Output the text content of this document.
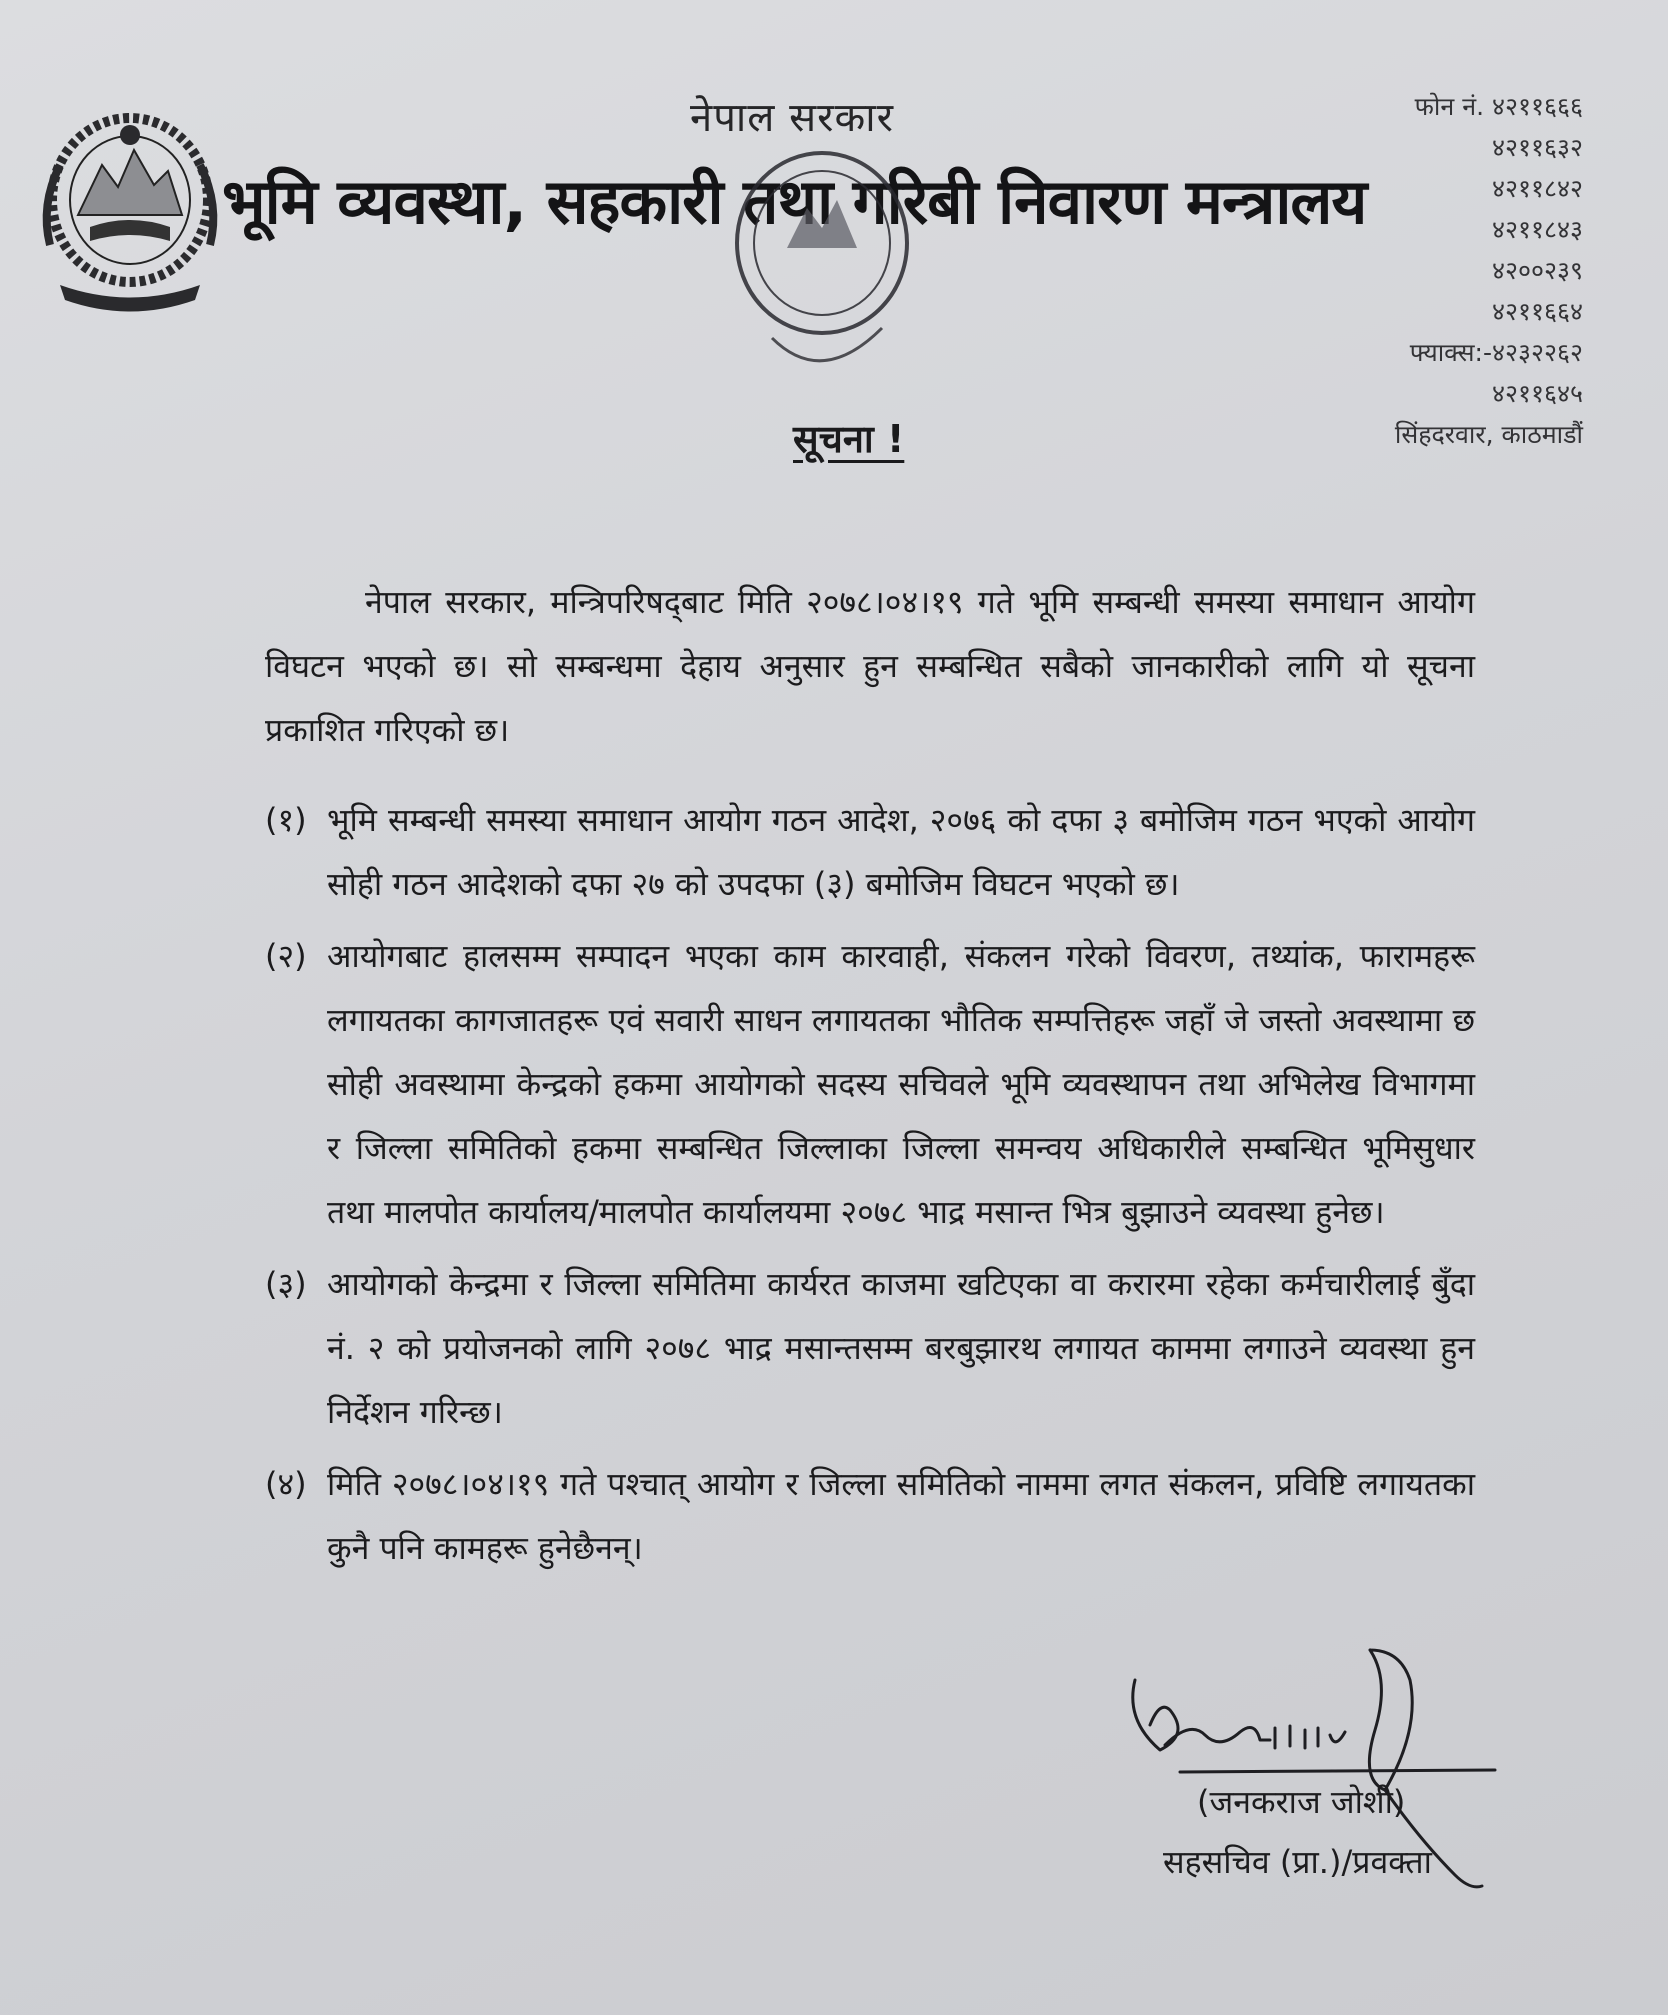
नेपाल सरकार
भूमि व्यवस्था, सहकारी तथा गरिबी निवारण मन्त्रालय
फोन नं. ४२११६६६
४२११६३२
४२११८४२
४२११८४३
४२००२३९
४२११६६४
फ्याक्स:-४२३२२६२
४२११६४५
सिंहदरवार, काठमाडौं
सूचना !

नेपाल सरकार, मन्त्रिपरिषद्‌बाट मिति २०७८।०४।१९ गते भूमि सम्बन्धी समस्या समाधान आयोग विघटन भएको छ। सो सम्बन्धमा देहाय अनुसार हुन सम्बन्धित सबैको जानकारीको लागि यो सूचना प्रकाशित गरिएको छ।

(१) भूमि सम्बन्धी समस्या समाधान आयोग गठन आदेश, २०७६ को दफा ३ बमोजिम गठन भएको आयोग सोही गठन आदेशको दफा २७ को उपदफा (३) बमोजिम विघटन भएको छ।
(२) आयोगबाट हालसम्म सम्पादन भएका काम कारवाही, संकलन गरेको विवरण, तथ्यांक, फारामहरू लगायतका कागजातहरू एवं सवारी साधन लगायतका भौतिक सम्पत्तिहरू जहाँ जे जस्तो अवस्थामा छ सोही अवस्थामा केन्द्रको हकमा आयोगको सदस्य सचिवले भूमि व्यवस्थापन तथा अभिलेख विभागमा र जिल्ला समितिको हकमा सम्बन्धित जिल्लाका जिल्ला समन्वय अधिकारीले सम्बन्धित भूमिसुधार तथा मालपोत कार्यालय/मालपोत कार्यालयमा २०७८ भाद्र मसान्त भित्र बुझाउने व्यवस्था हुनेछ।
(३) आयोगको केन्द्रमा र जिल्ला समितिमा कार्यरत काजमा खटिएका वा करारमा रहेका कर्मचारीलाई बुँदा नं. २ को प्रयोजनको लागि २०७८ भाद्र मसान्तसम्म बरबुझारथ लगायत काममा लगाउने व्यवस्था हुन निर्देशन गरिन्छ।
(४) मिति २०७८।०४।१९ गते पश्चात् आयोग र जिल्ला समितिको नाममा लगत संकलन, प्रविष्टि लगायतका कुनै पनि कामहरू हुनेछैनन्।
(जनकराज जोशी)
सहसचिव (प्रा.)/प्रवक्ता
